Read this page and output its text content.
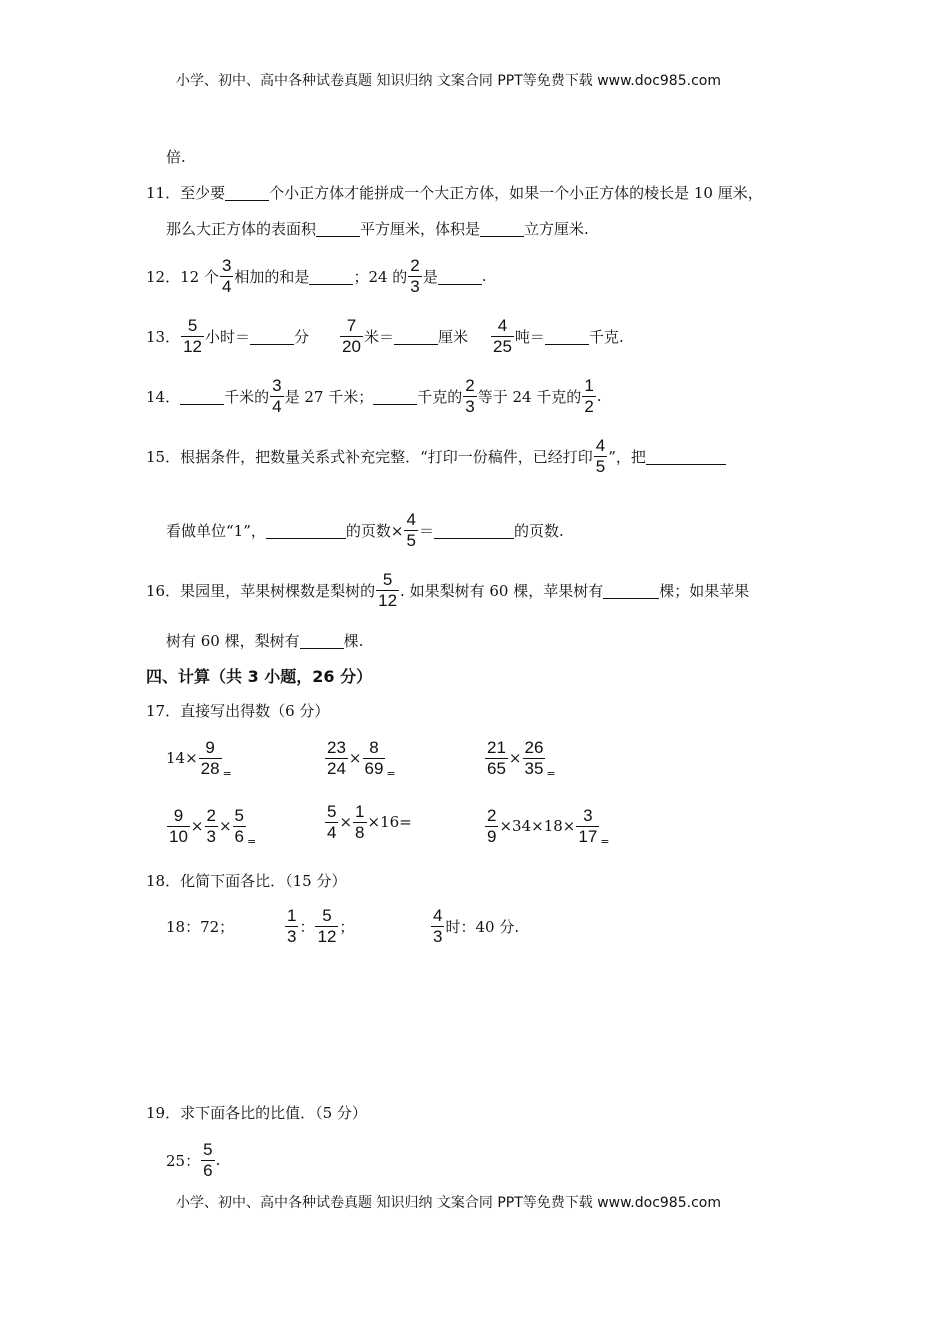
小学、初中、高中各种试卷真题 知识归纳 文案合同 PPT等免费下载 www.doc985.com
倍.
11． 至少要	个小正方体才能拼成一个大正方体，如果一个小正方体的棱长是 10 厘米，
那么大正方体的表面积	平方厘米，体积是	立方厘米.
12． 12 个 $\frac{3}{4}$ 相加的和是	；24 的 $\frac{2}{3}$ 是	.
13． $\frac{5}{12}$ 小时＝	分 $\frac{7}{20}$ 米＝	厘米 $\frac{4}{25}$ 吨＝	千克.
14．	千米的 $\frac{3}{4}$ 是 27 千米；	千克的 $\frac{2}{3}$ 等于 24 千克的 $\frac{1}{2}$ .
15． 根据条件，把数量关系式补充完整．“打印一份稿件，已经打印 $\frac{4}{5}$ ”，把
看做单位“1”，	的页数× $\frac{4}{5}$ ＝	的页数.
16． 果园里，苹果树棵数是梨树的 $\frac{5}{12}$ . 如果梨树有 60 棵，苹果树有	棵；如果苹果
树有 60 棵，梨树有	棵.
四、计算（共 3 小题，26 分）
17．直接写出得数（6 分）
$14\times \frac{9}{28}$ =	$\frac{23}{24} \times \frac{8}{69}$ =	$\frac{21}{65} \times \frac{26}{35}$ =
$\frac{9}{10} \times \frac{2}{3} \times \frac{5}{6}$ =	$\frac{5}{4} \times \frac{1}{8} \times 16=$	$\frac{2}{9} \times 34\times 18\times \frac{3}{17}$ =
18．化简下面各比．（15 分）
18：72；	$\frac{1}{3}$ ： $\frac{5}{12}$ ；	$\frac{4}{3}$ 时：40 分.
19．求下面各比的比值．（5 分）
25： $\frac{5}{6}$ .
小学、初中、高中各种试卷真题 知识归纳 文案合同 PPT等免费下载 www.doc985.com
